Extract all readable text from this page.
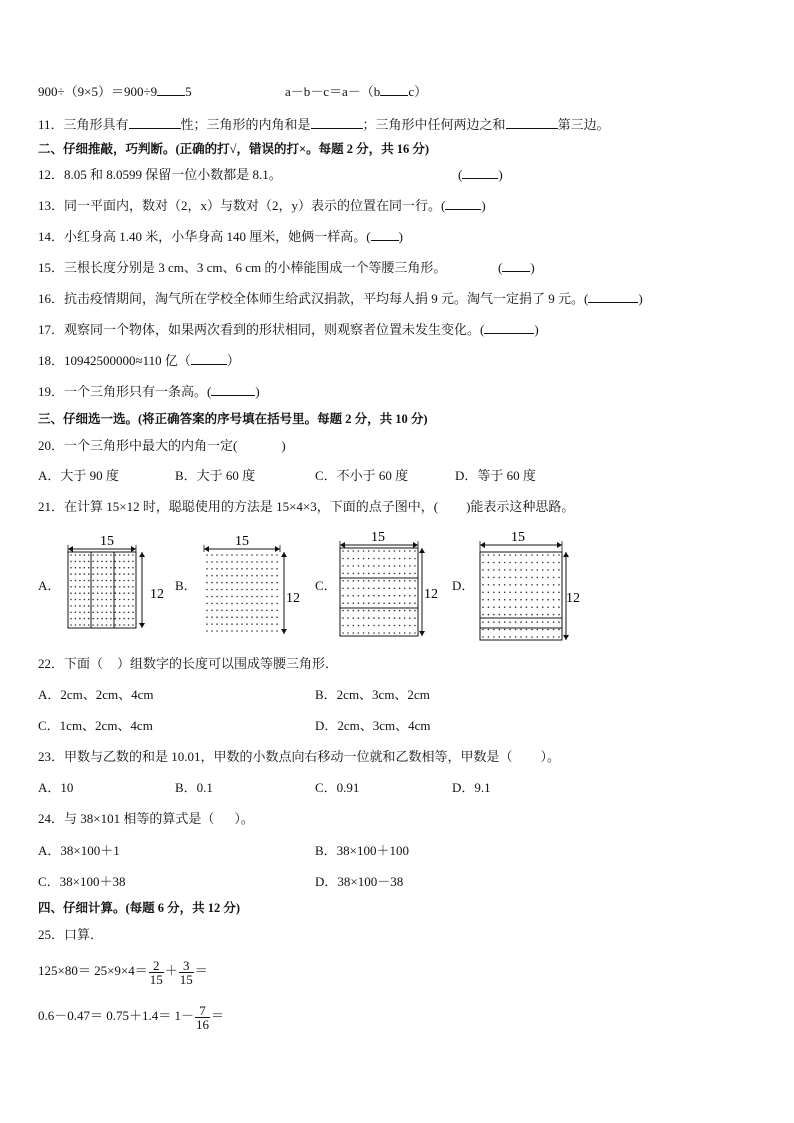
900÷（9×5）＝900÷9 5	a－b－c＝a－（b c）
11．三角形具有	性；三角形的内角和是	；三角形中任何两边之和	第三边。
二、仔细推敲，巧判断。(正确的打√，错误的打×。每题 2 分，共 16 分)
12．8.05 和 8.0599 保留一位小数都是 8.1。	(	)
13．同一平面内，数对（2，x）与数对（2，y）表示的位置在同一行。(	)
14．小红身高 1.40 米，小华身高 140 厘米，她俩一样高。( )
15．三根长度分别是 3 cm、3 cm、6 cm 的小棒能围成一个等腰三角形。	( )
16．抗击疫情期间，淘气所在学校全体师生给武汉捐款，平均每人捐 9 元。淘气一定捐了 9 元。(	)
17．观察同一个物体，如果两次看到的形状相同，则观察者位置未发生变化。(	)
18．10942500000≈110 亿（	）
19．一个三角形只有一条高。(	)
三、仔细选一选。(将正确答案的序号填在括号里。每题 2 分，共 10 分)
20．一个三角形中最大的内角一定(	)
A．大于 90 度	B．大于 60 度	C．不小于 60 度	D．等于 60 度
21．在计算 15×12 时，聪聪使用的方法是 15×4×3，下面的点子图中，( )能表示这种思路。
A．	B．	C．	D．
15
12
15
12
15
12
15
12
22．下面（ ）组数字的长度可以围成等腰三角形．
A．2cm、2cm、4cm	B．2cm、3cm、2cm
C．1cm、2cm、4cm	D．2cm、3cm、4cm
23．甲数与乙数的和是 10.01，甲数的小数点向右移动一位就和乙数相等，甲数是（ ）。
A．10	B．0.1	C．0.91	D．9.1
24．与 38×101 相等的算式是（ ）。
A．38×100＋1	B．38×100＋100
C．38×100＋38	D．38×100－38
四、仔细计算。(每题 6 分，共 12 分)
25．口算．
$125\times 80= 25\times 9\times 4= \frac{2}{15} + \frac{3}{15}$ ＝
$0.6-0.47= 0.75+1.4= 1- \frac{7}{16}$ ＝
